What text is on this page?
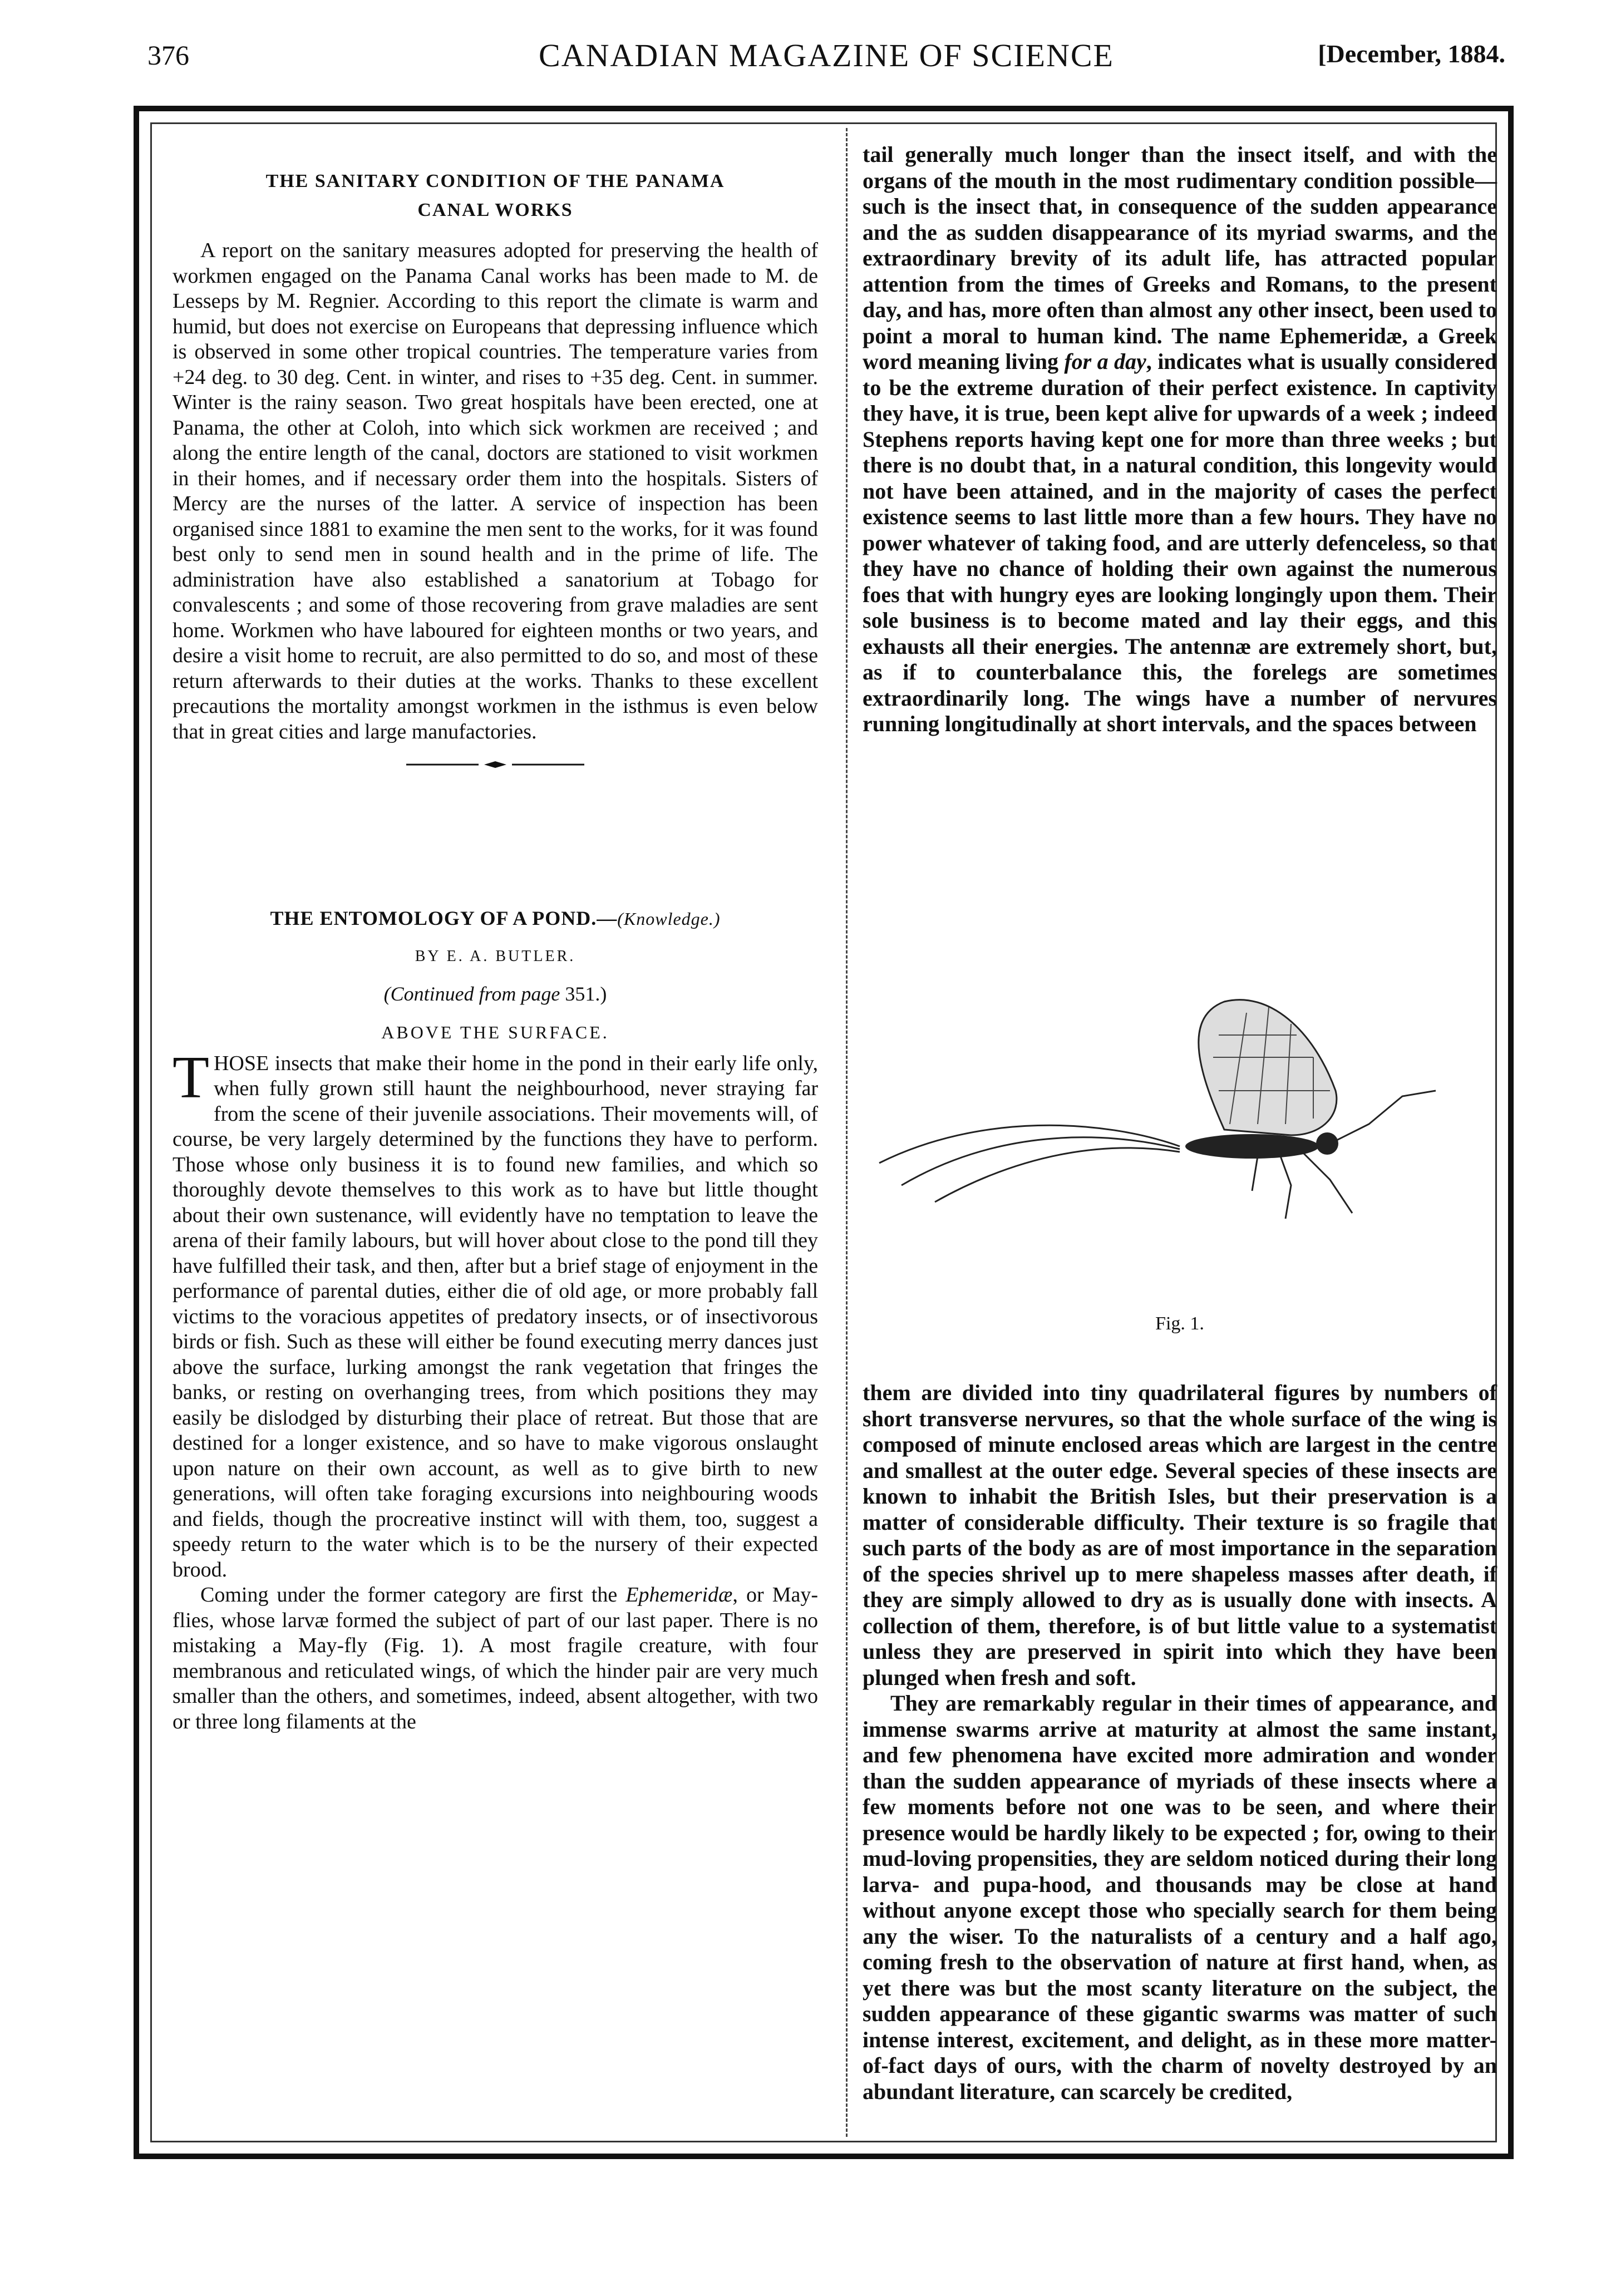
376	CANADIAN MAGAZINE OF SCIENCE	[December, 1884.
THE SANITARY CONDITION OF THE PANAMA
CANAL WORKS

A report on the sanitary measures adopted for preserving the health of workmen engaged on the Panama Canal works has been made to M. de Lesseps by M. Regnier. According to this report the climate is warm and humid, but does not exercise on Europeans that depressing influence which is observed in some other tropical countries. The temperature varies from +24 deg. to 30 deg. Cent. in winter, and rises to +35 deg. Cent. in summer. Winter is the rainy season. Two great hospitals have been erected, one at Panama, the other at Coloh, into which sick workmen are received ; and along the entire length of the canal, doctors are stationed to visit workmen in their homes, and if necessary order them into the hospitals. Sisters of Mercy are the nurses of the latter. A service of inspection has been organised since 1881 to examine the men sent to the works, for it was found best only to send men in sound health and in the prime of life. The administration have also established a sanatorium at Tobago for convalescents ; and some of those recovering from grave maladies are sent home. Workmen who have laboured for eighteen months or two years, and desire a visit home to recruit, are also permitted to do so, and most of these return afterwards to their duties at the works. Thanks to these excellent precautions the mortality amongst workmen in the isthmus is even below that in great cities and large manufactories.

THE ENTOMOLOGY OF A POND.—(Knowledge.)
BY E. A. BUTLER.
(Continued from page 351.)
ABOVE THE SURFACE.

THOSE insects that make their home in the pond in their early life only, when fully grown still haunt the neighbourhood, never straying far from the scene of their juvenile associations. Their movements will, of course, be very largely determined by the functions they have to perform. Those whose only business it is to found new families, and which so thoroughly devote themselves to this work as to have but little thought about their own sustenance, will evidently have no temptation to leave the arena of their family labours, but will hover about close to the pond till they have fulfilled their task, and then, after but a brief stage of enjoyment in the performance of parental duties, either die of old age, or more probably fall victims to the voracious appetites of predatory insects, or of insectivorous birds or fish. Such as these will either be found executing merry dances just above the surface, lurking amongst the rank vegetation that fringes the banks, or resting on overhanging trees, from which positions they may easily be dislodged by disturbing their place of retreat. But those that are destined for a longer existence, and so have to make vigorous onslaught upon nature on their own account, as well as to give birth to new generations, will often take foraging excursions into neighbouring woods and fields, though the procreative instinct will with them, too, suggest a speedy return to the water which is to be the nursery of their expected brood.

Coming under the former category are first the Ephemeridæ, or May-flies, whose larvæ formed the subject of part of our last paper. There is no mistaking a May-fly (Fig. 1). A most fragile creature, with four membranous and reticulated wings, of which the hinder pair are very much smaller than the others, and sometimes, indeed, absent altogether, with two or three long filaments at the

tail generally much longer than the insect itself, and with the organs of the mouth in the most rudimentary condition possible—such is the insect that, in consequence of the sudden appearance and the as sudden disappearance of its myriad swarms, and the extraordinary brevity of its adult life, has attracted popular attention from the times of Greeks and Romans, to the present day, and has, more often than almost any other insect, been used to point a moral to human kind. The name Ephemeridæ, a Greek word meaning living for a day, indicates what is usually considered to be the extreme duration of their perfect existence. In captivity they have, it is true, been kept alive for upwards of a week ; indeed Stephens reports having kept one for more than three weeks ; but there is no doubt that, in a natural condition, this longevity would not have been attained, and in the majority of cases the perfect existence seems to last little more than a few hours. They have no power whatever of taking food, and are utterly defenceless, so that they have no chance of holding their own against the numerous foes that with hungry eyes are looking longingly upon them. Their sole business is to become mated and lay their eggs, and this exhausts all their energies. The antennæ are extremely short, but, as if to counterbalance this, the forelegs are sometimes extraordinarily long. The wings have a number of nervures running longitudinally at short intervals, and the spaces between

Fig. 1.

them are divided into tiny quadrilateral figures by numbers of short transverse nervures, so that the whole surface of the wing is composed of minute enclosed areas which are largest in the centre and smallest at the outer edge. Several species of these insects are known to inhabit the British Isles, but their preservation is a matter of considerable difficulty. Their texture is so fragile that such parts of the body as are of most importance in the separation of the species shrivel up to mere shapeless masses after death, if they are simply allowed to dry as is usually done with insects. A collection of them, therefore, is of but little value to a systematist unless they are preserved in spirit into which they have been plunged when fresh and soft.

They are remarkably regular in their times of appearance, and immense swarms arrive at maturity at almost the same instant, and few phenomena have excited more admiration and wonder than the sudden appearance of myriads of these insects where a few moments before not one was to be seen, and where their presence would be hardly likely to be expected ; for, owing to their mud-loving propensities, they are seldom noticed during their long larva- and pupa-hood, and thousands may be close at hand without anyone except those who specially search for them being any the wiser. To the naturalists of a century and a half ago, coming fresh to the observation of nature at first hand, when, as yet there was but the most scanty literature on the subject, the sudden appearance of these gigantic swarms was matter of such intense interest, excitement, and delight, as in these more matter-of-fact days of ours, with the charm of novelty destroyed by an abundant literature, can scarcely be credited,
